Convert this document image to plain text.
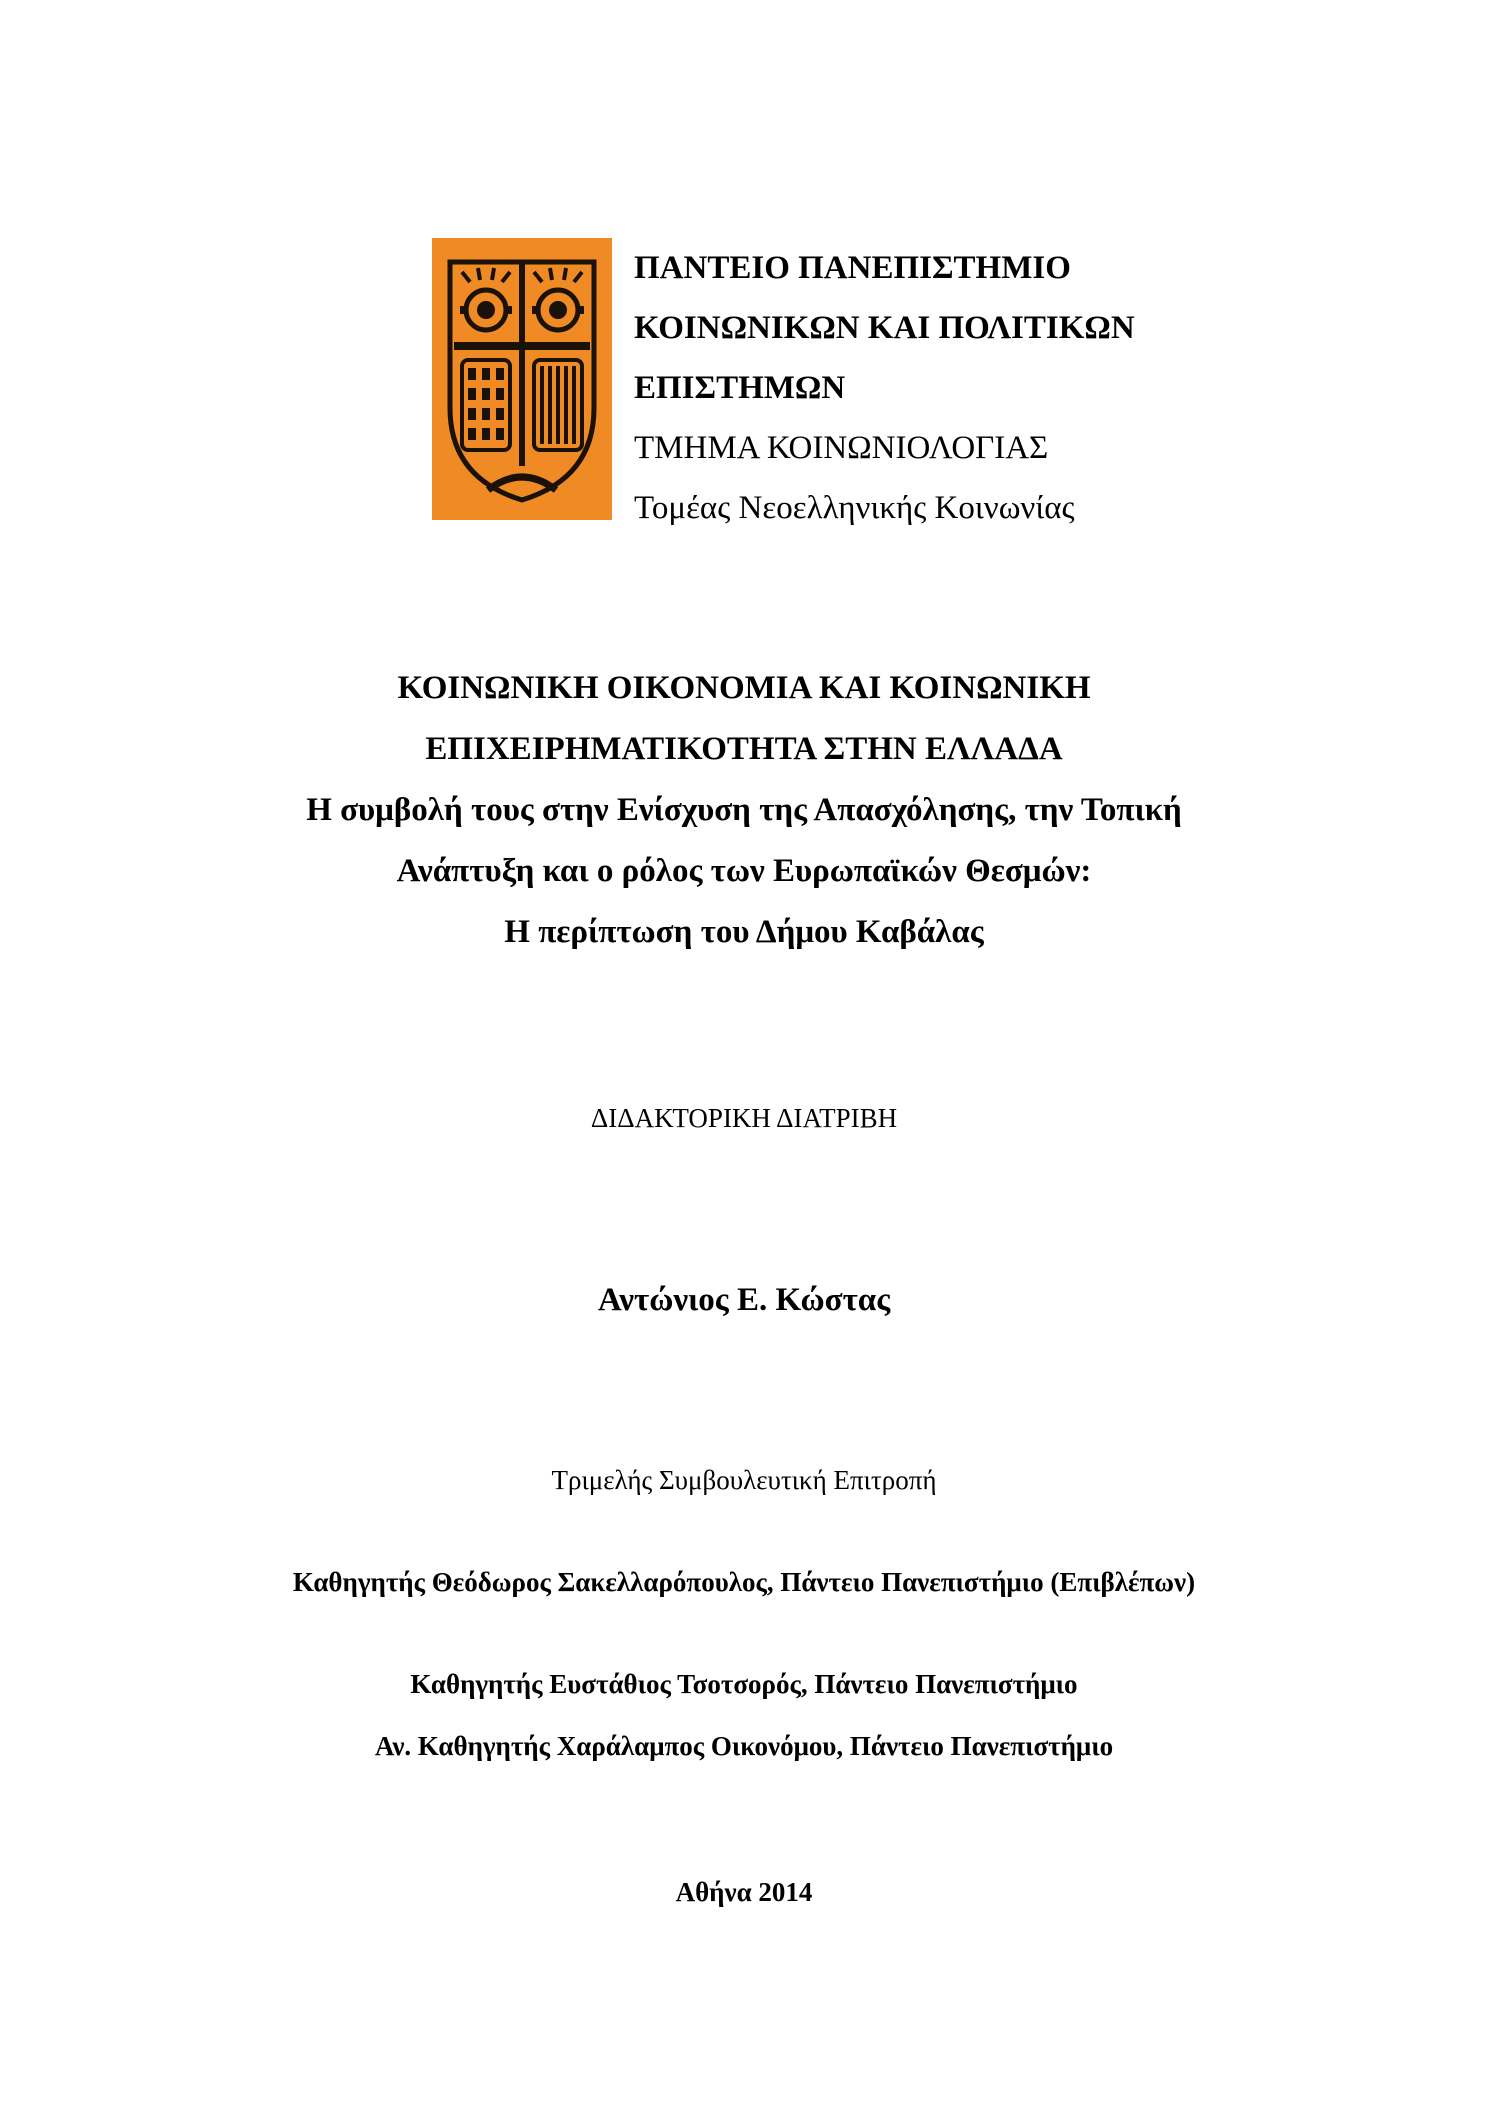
ΠΑΝΤΕΙΟ ΠΑΝΕΠΙΣΤΗΜΙΟ
ΚΟΙΝΩΝΙΚΩΝ ΚΑΙ ΠΟΛΙΤΙΚΩΝ
ΕΠΙΣΤΗΜΩΝ
ΤΜΗΜΑ ΚΟΙΝΩΝΙΟΛΟΓΙΑΣ
Τομέας Νεοελληνικής Κοινωνίας
ΚΟΙΝΩΝΙΚΗ ΟΙΚΟΝΟΜΙΑ ΚΑΙ ΚΟΙΝΩΝΙΚΗ
ΕΠΙΧΕΙΡΗΜΑΤΙΚΟΤΗΤΑ ΣΤΗΝ ΕΛΛΑΔΑ
Η συμβολή τους στην Ενίσχυση της Απασχόλησης, την Τοπική
Ανάπτυξη και ο ρόλος των Ευρωπαϊκών Θεσμών:
Η περίπτωση του Δήμου Καβάλας
ΔΙΔΑΚΤΟΡΙΚΗ ΔΙΑΤΡΙΒΗ
Αντώνιος Ε. Κώστας
Τριμελής Συμβουλευτική Επιτροπή
Καθηγητής Θεόδωρος Σακελλαρόπουλος, Πάντειο Πανεπιστήμιο (Επιβλέπων)
Καθηγητής Ευστάθιος Τσοτσορός, Πάντειο Πανεπιστήμιο
Αν. Καθηγητής Χαράλαμπος Οικονόμου, Πάντειο Πανεπιστήμιο
Αθήνα 2014
